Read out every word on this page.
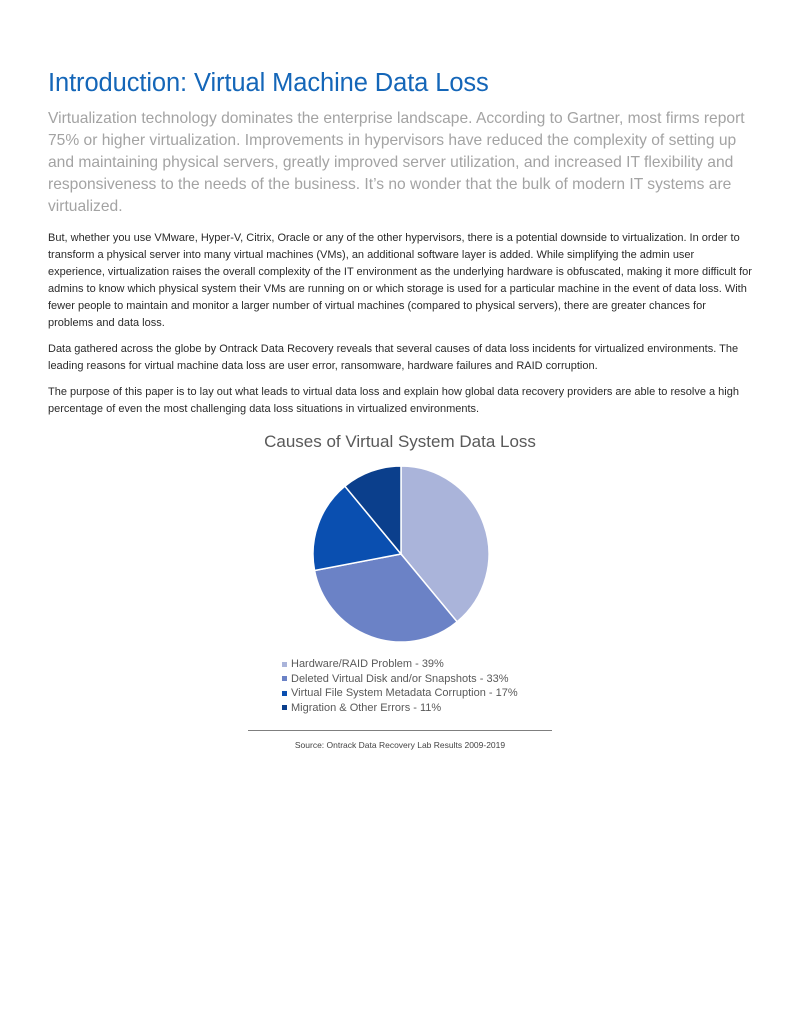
Introduction: Virtual Machine Data Loss

Virtualization technology dominates the enterprise landscape. According to Gartner, most firms report 75% or higher virtualization. Improvements in hypervisors have reduced the complexity of setting up and maintaining physical servers, greatly improved server utilization, and increased IT flexibility and responsiveness to the needs of the business. It’s no wonder that the bulk of modern IT systems are virtualized.

But, whether you use VMware, Hyper-V, Citrix, Oracle or any of the other hypervisors, there is a potential downside to virtualization. In order to transform a physical server into many virtual machines (VMs), an additional software layer is added. While simplifying the admin user experience, virtualization raises the overall complexity of the IT environment as the underlying hardware is obfuscated, making it more difficult for admins to know which physical system their VMs are running on or which storage is used for a particular machine in the event of data loss. With fewer people to maintain and monitor a larger number of virtual machines (compared to physical servers), there are greater chances for problems and data loss.

Data gathered across the globe by Ontrack Data Recovery reveals that several causes of data loss incidents for virtualized environments. The leading reasons for virtual machine data loss are user error, ransomware, hardware failures and RAID corruption.

The purpose of this paper is to lay out what leads to virtual data loss and explain how global data recovery providers are able to resolve a high percentage of even the most challenging data loss situations in virtualized environments.

Causes of Virtual System Data Loss
Hardware/RAID Problem - 39%
Deleted Virtual Disk and/or Snapshots - 33%
Virtual File System Metadata Corruption - 17%
Migration & Other Errors - 11%
Source: Ontrack Data Recovery Lab Results 2009-2019
